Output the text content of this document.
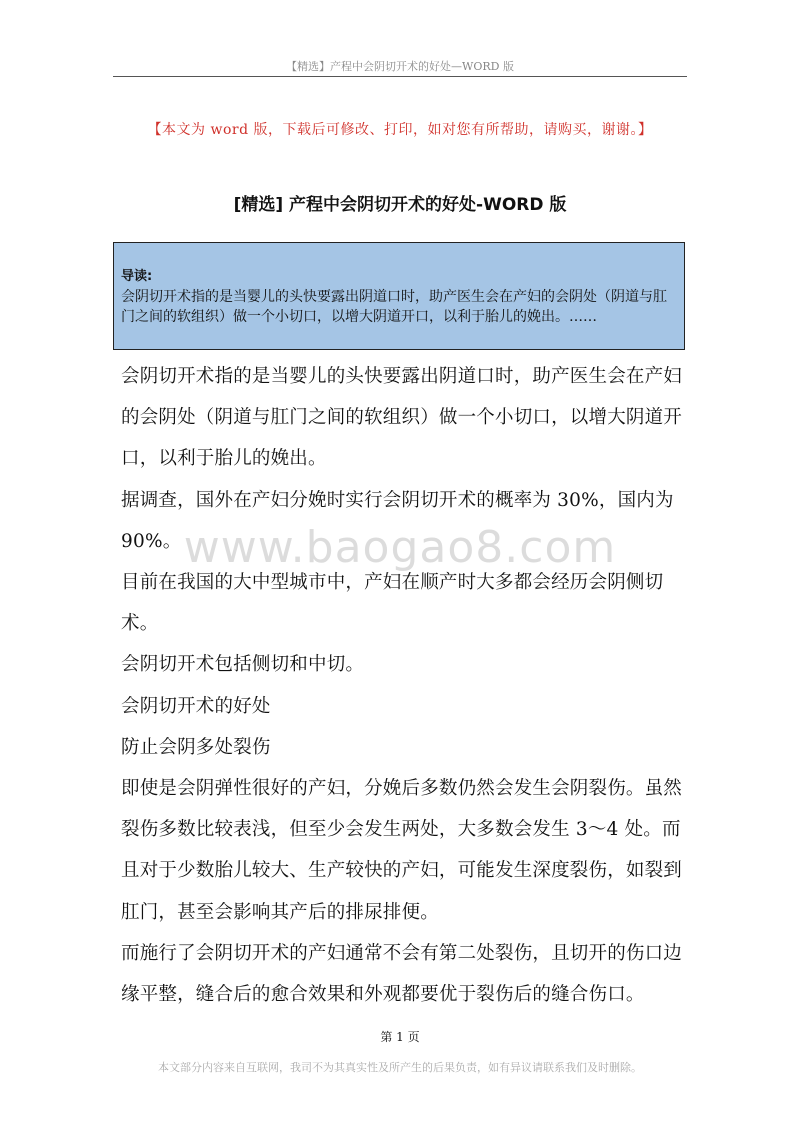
【精选】产程中会阴切开术的好处—WORD 版
【本文为 word 版，下载后可修改、打印，如对您有所帮助，请购买，谢谢。】
[精选] 产程中会阴切开术的好处-WORD 版
导读:
会阴切开术指的是当婴儿的头快要露出阴道口时，助产医生会在产妇的会阴处（阴道与肛门之间的软组织）做一个小切口，以增大阴道开口，以利于胎儿的娩出。……

会阴切开术指的是当婴儿的头快要露出阴道口时，助产医生会在产妇的会阴处（阴道与肛门之间的软组织）做一个小切口，以增大阴道开口，以利于胎儿的娩出。

据调查，国外在产妇分娩时实行会阴切开术的概率为 30%，国内为 90%。

目前在我国的大中型城市中，产妇在顺产时大多都会经历会阴侧切术。

会阴切开术包括侧切和中切。

会阴切开术的好处

防止会阴多处裂伤

即使是会阴弹性很好的产妇，分娩后多数仍然会发生会阴裂伤。虽然裂伤多数比较表浅，但至少会发生两处，大多数会发生 3～4 处。而且对于少数胎儿较大、生产较快的产妇，可能发生深度裂伤，如裂到肛门，甚至会影响其产后的排尿排便。

而施行了会阴切开术的产妇通常不会有第二处裂伤，且切开的伤口边缘平整，缝合后的愈合效果和外观都要优于裂伤后的缝合伤口。

www.baogao8.com
第 1 页
本文部分内容来自互联网，我司不为其真实性及所产生的后果负责，如有异议请联系我们及时删除。
